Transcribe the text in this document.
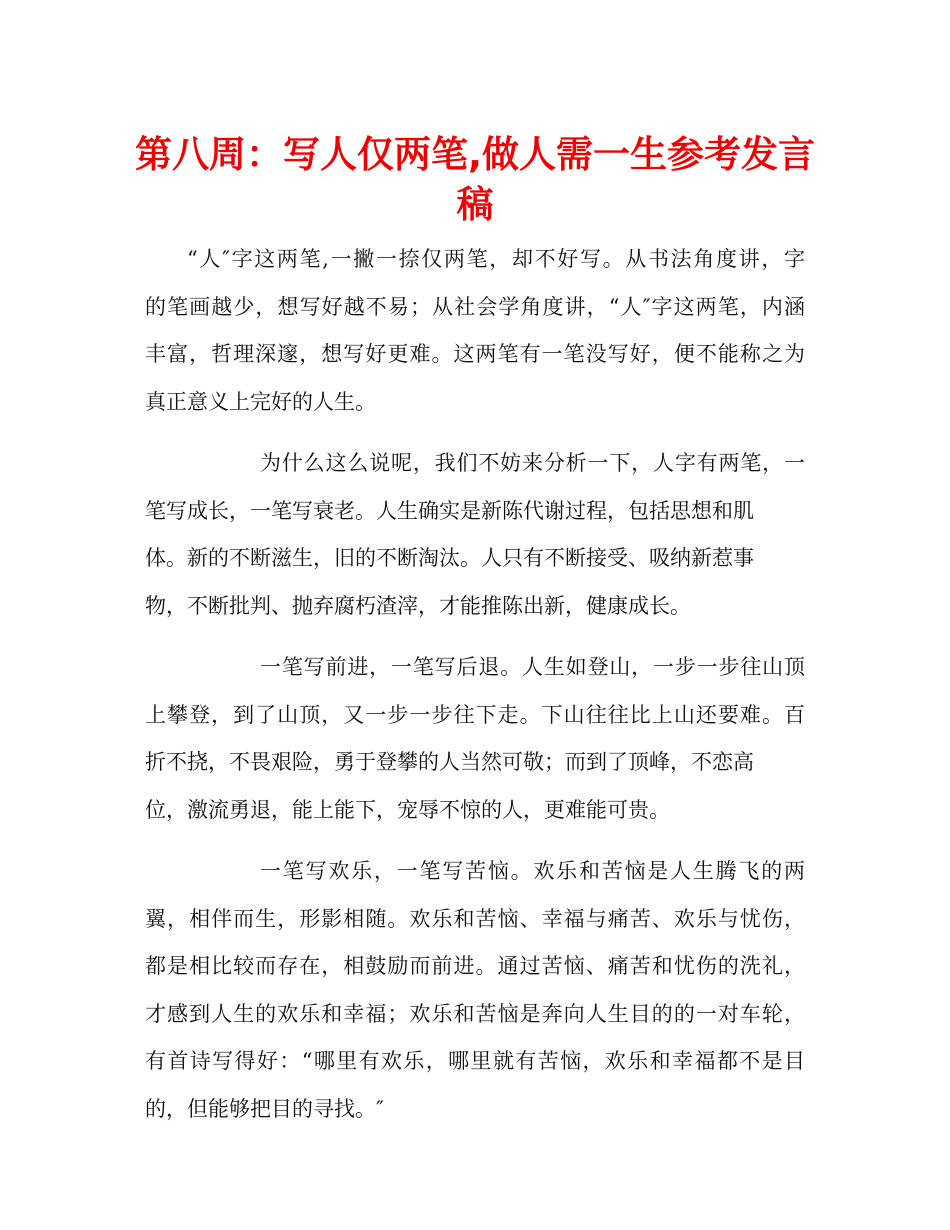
第八周：写人仅两笔,做人需一生参考发言稿
“人″字这两笔,一撇一捺仅两笔，却不好写。从书法角度讲，字
的笔画越少，想写好越不易；从社会学角度讲，“人″字这两笔，内涵
丰富，哲理深邃，想写好更难。这两笔有一笔没写好，便不能称之为
真正意义上完好的人生。
为什么这么说呢，我们不妨来分析一下，人字有两笔，一
笔写成长，一笔写衰老。人生确实是新陈代谢过程，包括思想和肌
体。新的不断滋生，旧的不断淘汰。人只有不断接受、吸纳新惹事
物，不断批判、抛弃腐朽渣滓，才能推陈出新，健康成长。
一笔写前进，一笔写后退。人生如登山，一步一步往山顶
上攀登，到了山顶，又一步一步往下走。下山往往比上山还要难。百
折不挠，不畏艰险，勇于登攀的人当然可敬；而到了顶峰，不恋高
位，激流勇退，能上能下，宠辱不惊的人，更难能可贵。
一笔写欢乐，一笔写苦恼。欢乐和苦恼是人生腾飞的两
翼，相伴而生，形影相随。欢乐和苦恼、幸福与痛苦、欢乐与忧伤，
都是相比较而存在，相鼓励而前进。通过苦恼、痛苦和忧伤的洗礼，
才感到人生的欢乐和幸福；欢乐和苦恼是奔向人生目的的一对车轮，
有首诗写得好：“哪里有欢乐，哪里就有苦恼，欢乐和幸福都不是目
的，但能够把目的寻找。″
